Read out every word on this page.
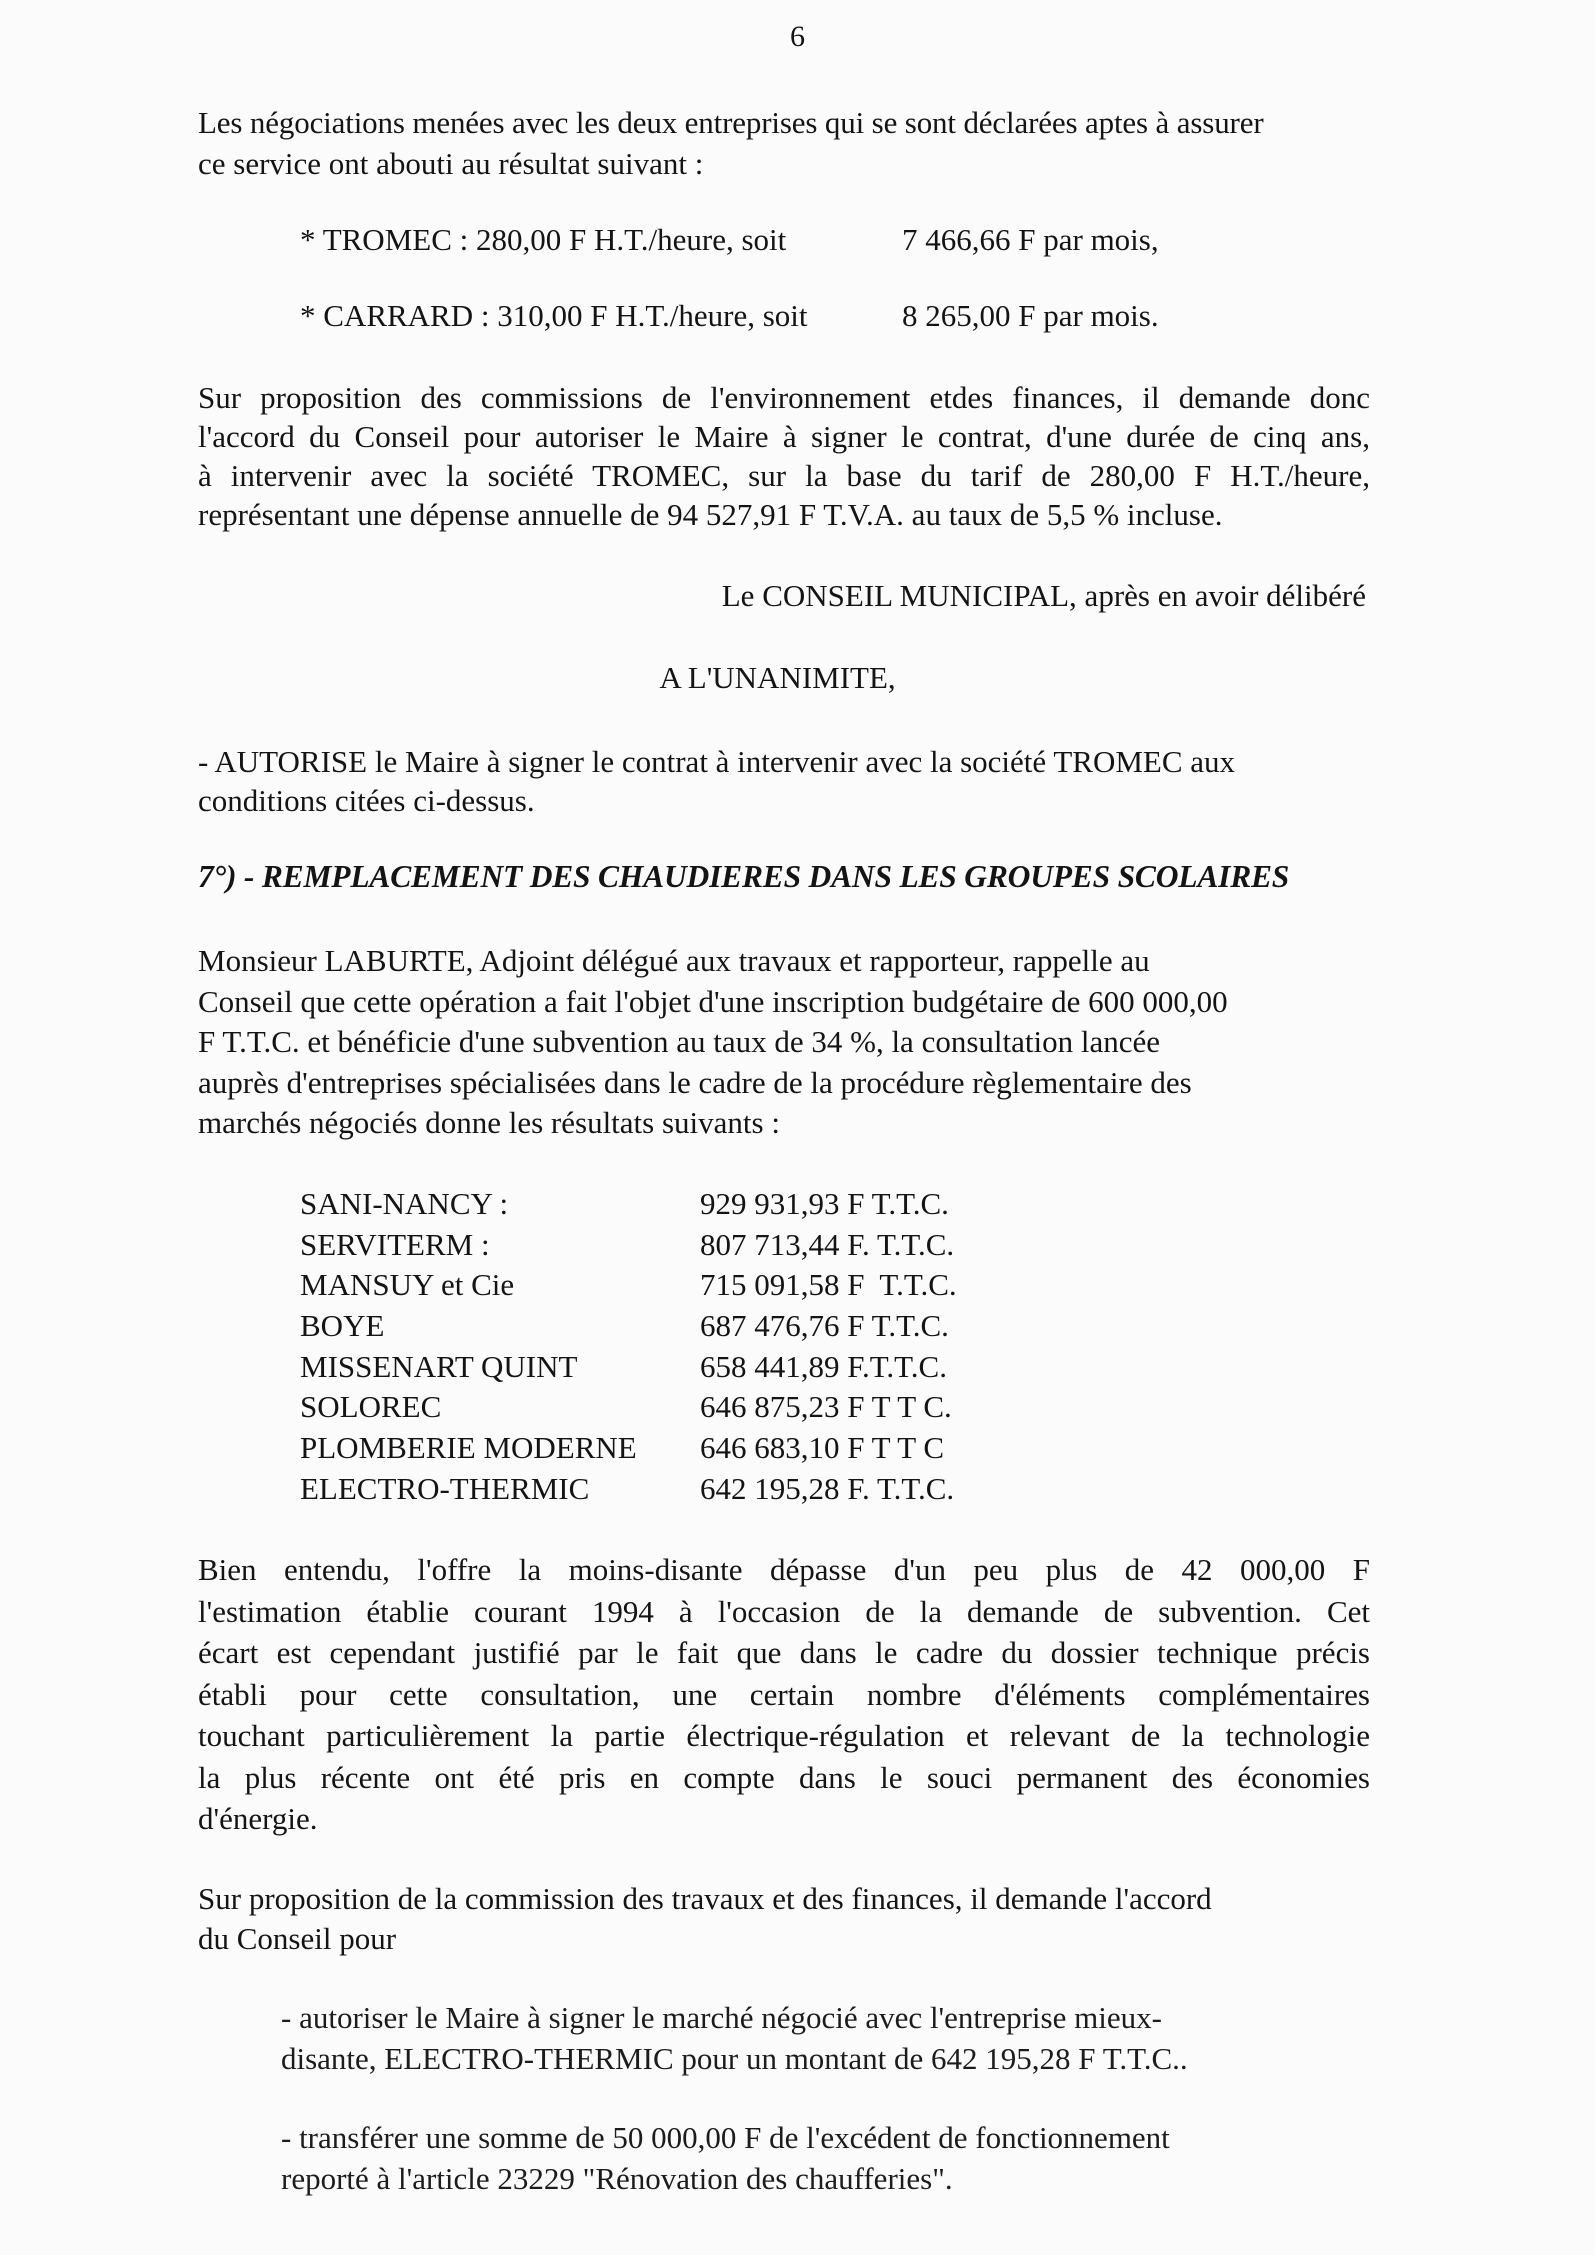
6
Les négociations menées avec les deux entreprises qui se sont déclarées aptes à assurer
ce service ont abouti au résultat suivant :
* TROMEC : 280,00 F H.T./heure, soit	7 466,66 F par mois,
* CARRARD : 310,00 F H.T./heure, soit	8 265,00 F par mois.
Sur proposition des commissions de l'environnement etdes finances, il demande donc
l'accord du Conseil pour autoriser le Maire à signer le contrat, d'une durée de cinq ans,
à intervenir avec la société TROMEC, sur la base du tarif de 280,00 F H.T./heure,
représentant une dépense annuelle de 94 527,91 F T.V.A. au taux de 5,5 % incluse.
Le CONSEIL MUNICIPAL, après en avoir délibéré
A L'UNANIMITE,
- AUTORISE le Maire à signer le contrat à intervenir avec la société TROMEC aux
conditions citées ci-dessus.
7°) - REMPLACEMENT DES CHAUDIERES DANS LES GROUPES SCOLAIRES
Monsieur LABURTE, Adjoint délégué aux travaux et rapporteur, rappelle au
Conseil que cette opération a fait l'objet d'une inscription budgétaire de 600 000,00
F T.T.C. et bénéficie d'une subvention au taux de 34 %, la consultation lancée
auprès d'entreprises spécialisées dans le cadre de la procédure règlementaire des
marchés négociés donne les résultats suivants :
SANI-NANCY :	929 931,93 F T.T.C.
SERVITERM :	807 713,44 F. T.T.C.
MANSUY et Cie	715 091,58 F  T.T.C.
BOYE	687 476,76 F T.T.C.
MISSENART QUINT	658 441,89 F.T.T.C.
SOLOREC	646 875,23 F T T C.
PLOMBERIE MODERNE 646 683,10 F T T C
ELECTRO-THERMIC	642 195,28 F. T.T.C.
Bien entendu, l'offre la moins-disante dépasse d'un peu plus de 42 000,00 F
l'estimation établie courant 1994 à l'occasion de la demande de subvention. Cet
écart est cependant justifié par le fait que dans le cadre du dossier technique précis
établi pour cette consultation, une certain nombre d'éléments complémentaires
touchant particulièrement la partie électrique-régulation et relevant de la technologie
la plus récente ont été pris en compte dans le souci permanent des économies
d'énergie.
Sur proposition de la commission des travaux et des finances, il demande l'accord
du Conseil pour
- autoriser le Maire à signer le marché négocié avec l'entreprise mieux-
disante, ELECTRO-THERMIC pour un montant de 642 195,28 F T.T.C..
- transférer une somme de 50 000,00 F de l'excédent de fonctionnement
reporté à l'article 23229 "Rénovation des chaufferies".
